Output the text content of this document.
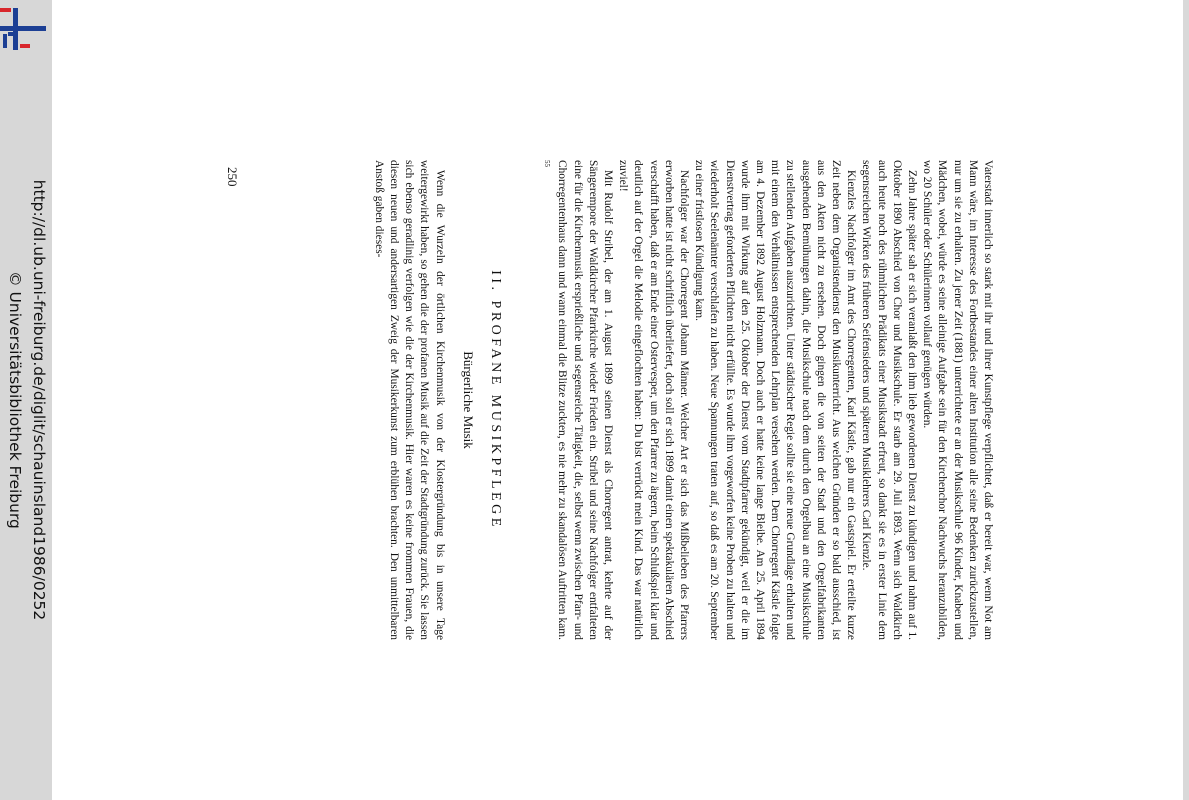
http://dl.ub.uni-freiburg.de/diglit/schauinsland1986/0252
© Universitätsbibliothek Freiburg	Vaterstadt innerlich so stark mit ihr und ihrer Kunstpflege verpflichtet, daß er bereit war, wenn Not am Mann wäre, im Interesse des Fortbestandes einer alten Institution alle seine Bedenken zurückzustellen, nur um sie zu erhalten. Zu jener Zeit (1881) unterrichtete er an der Musikschule 96 Kinder, Knaben und Mädchen, wobei, würde es seine alleinige Aufgabe sein für den Kirchenchor Nachwuchs heranzubilden, wo 20 Schüler oder Schülerinnen vollauf genügen würden.

Zehn Jahre später sah er sich veranlaßt den ihm lieb gewordenen Dienst zu kündigen und nahm auf 1. Oktober 1890 Abschied von Chor und Musikschule. Er starb am 29. Juli 1893. Wenn sich Waldkirch auch heute noch des rühmlichen Prädikats einer Musikstadt erfreut, so dankt sie es in erster Linie dem segensreichen Wirken des früheren Seifensieders und späteren Musiklehrers Carl Kienzle.

Kienzles Nachfolger im Amt des Chorregenten, Karl Kästle, gab nur ein Gastspiel. Er erteilte kurze Zeit neben dem Organistendienst den Musikunterricht. Aus welchen Gründen er so bald ausschied, ist aus den Akten nicht zu ersehen. Doch gingen die von seiten der Stadt und den Orgelfabrikanten ausgehenden Bemühungen dahin, die Musikschule nach dem durch den Orgelbau an eine Musikschule zu stellenden Aufgaben auszurichten. Unter städtischer Regie sollte sie eine neue Grundlage erhalten und mit einem den Verhältnissen entsprechenden Lehrplan versehen werden. Dem Chorregent Kästle folgte am 4. Dezember 1892 August Holzmann. Doch auch er hatte keine lange Bleibe. Am 25. April 1894 wurde ihm mit Wirkung auf den 25. Oktober der Dienst vom Stadtpfarrer gekündigt, weil er die im Dienstvertrag geforderten Pflichten nicht erfüllte. Es wurde ihm vorgeworfen keine Proben zu halten und wiederholt Seelenämter verschlafen zu haben. Neue Spannungen traten auf, so daß es am 20. September zu einer fristlosen Kündigung kam.

Nachfolger war der Chorregent Johann Männer. Welcher Art er sich das Mißbelieben des Pfarrers erworben hatte ist nicht schriftlich überliefert, doch soll er sich 1899 damit einen spektakulären Abschied verschafft haben, daß er am Ende einer Ostervesper, um den Pfarrer zu ärgern, beim Schlußspiel klar und deutlich auf der Orgel die Melodie eingeflochten haben: Du bist verrückt mein Kind. Das war natürlich zuviel!

Mit Rudolf Stribel, der am 1. August 1899 seinen Dienst als Chorregent antrat, kehrte auf der Sängerempore der Waldkircher Pfarrkirche wieder Frieden ein. Stribel und seine Nachfolger entfalteten eine für die Kirchenmusik ersprießliche und segensreiche Tätigkeit, die, selbst wenn zwischen Pfarr- und Chorregentenhaus dann und wann einmal die Blitze zuckten, es nie mehr zu skandalösen Auftritten kam. $^{55}$

II. PROFANE MUSIKPFLEGE
Bürgerliche Musik

Wenn die Wurzeln der örtlichen Kirchenmusik von der Klostergründung bis in unsere Tage weitergewirkt haben, so gehen die der profanen Musik auf die Zeit der Stadtgründung zurück. Sie lassen sich ebenso geradlinig verfolgen wie die der Kirchenmusik. Hier waren es keine frommen Frauen, die diesen neuen und andersartigen Zweig der Musikerkunst zum erblühen brachten. Den unmittelbaren Anstoß gaben dieses-

250
